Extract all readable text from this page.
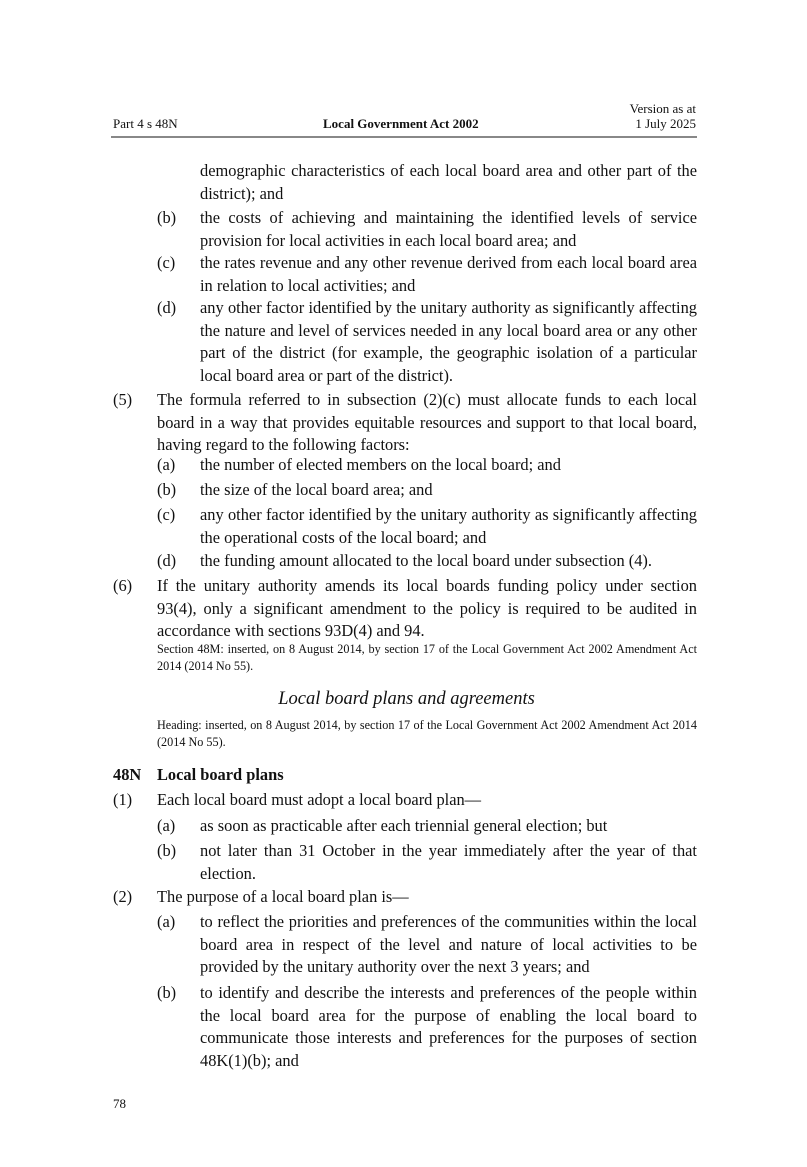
Part 4 s 48N	Local Government Act 2002
Version as at
1 July 2025
demographic characteristics of each local board area and other part of the district); and
(b) the costs of achieving and maintaining the identified levels of service provision for local activities in each local board area; and
(c) the rates revenue and any other revenue derived from each local board area in relation to local activities; and
(d) any other factor identified by the unitary authority as significantly affecting the nature and level of services needed in any local board area or any other part of the district (for example, the geographic isolation of a particular local board area or part of the district).
(5) The formula referred to in subsection (2)(c) must allocate funds to each local board in a way that provides equitable resources and support to that local board, having regard to the following factors:
(a) the number of elected members on the local board; and
(b) the size of the local board area; and
(c) any other factor identified by the unitary authority as significantly affecting the operational costs of the local board; and
(d) the funding amount allocated to the local board under subsection (4).
(6) If the unitary authority amends its local boards funding policy under section 93(4), only a significant amendment to the policy is required to be audited in accordance with sections 93D(4) and 94.
Section 48M: inserted, on 8 August 2014, by section 17 of the Local Government Act 2002 Amendment Act 2014 (2014 No 55).
Local board plans and agreements
Heading: inserted, on 8 August 2014, by section 17 of the Local Government Act 2002 Amendment Act 2014 (2014 No 55).
48N Local board plans
(1) Each local board must adopt a local board plan—
(a) as soon as practicable after each triennial general election; but
(b) not later than 31 October in the year immediately after the year of that election.
(2) The purpose of a local board plan is—
(a) to reflect the priorities and preferences of the communities within the local board area in respect of the level and nature of local activities to be provided by the unitary authority over the next 3 years; and
(b) to identify and describe the interests and preferences of the people within the local board area for the purpose of enabling the local board to communicate those interests and preferences for the purposes of section 48K(1)(b); and
78
